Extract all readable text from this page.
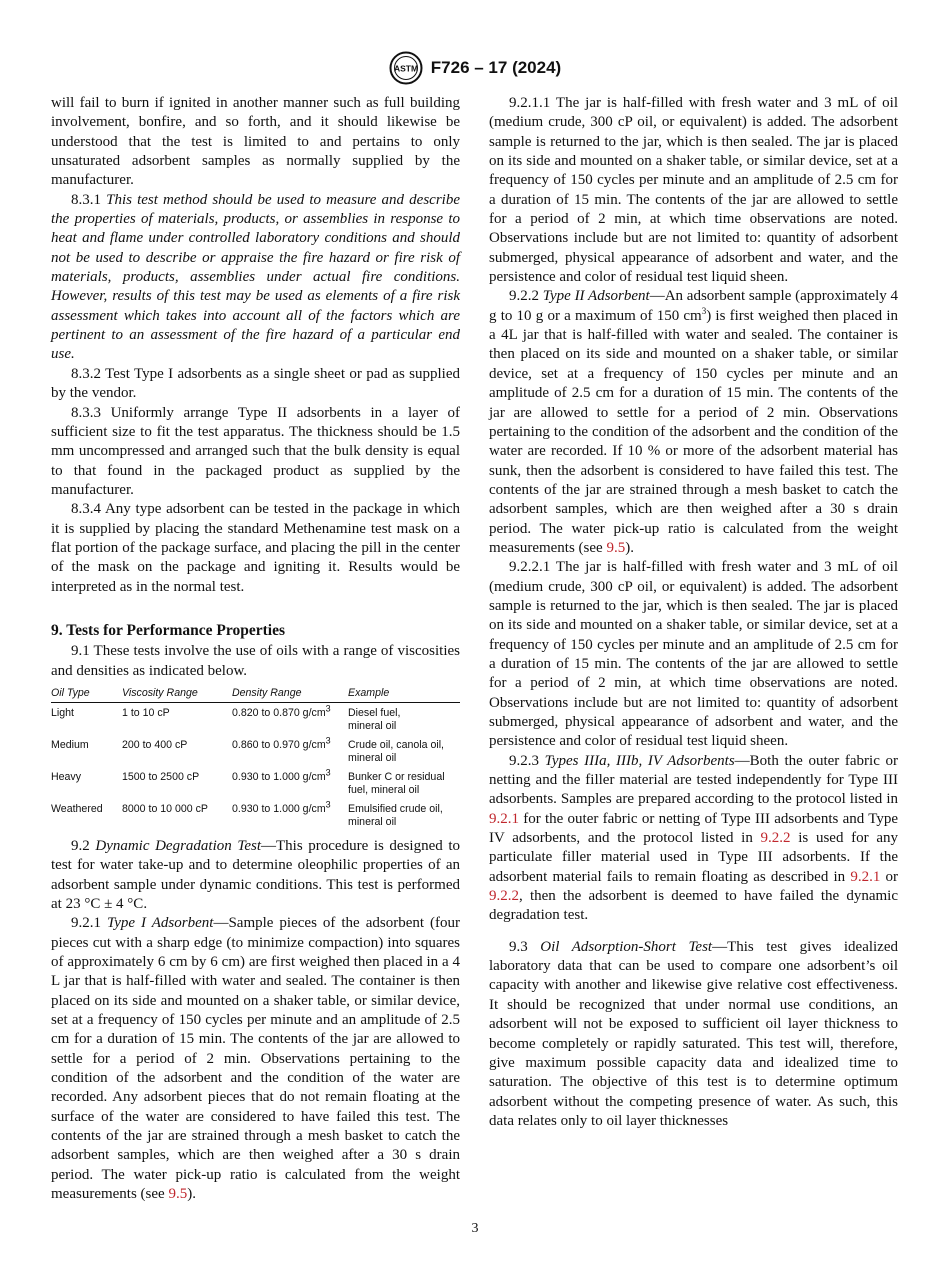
ASTM F726 – 17 (2024)

will fail to burn if ignited in another manner such as full building involvement, bonfire, and so forth, and it should likewise be understood that the test is limited to and pertains to only unsaturated adsorbent samples as normally supplied by the manufacturer.

8.3.1 This test method should be used to measure and describe the properties of materials, products, or assemblies in response to heat and flame under controlled laboratory conditions and should not be used to describe or appraise the fire hazard or fire risk of materials, products, assemblies under actual fire conditions. However, results of this test may be used as elements of a fire risk assessment which takes into account all of the factors which are pertinent to an assessment of the fire hazard of a particular end use.

8.3.2 Test Type I adsorbents as a single sheet or pad as supplied by the vendor.

8.3.3 Uniformly arrange Type II adsorbents in a layer of sufficient size to fit the test apparatus. The thickness should be 1.5 mm uncompressed and arranged such that the bulk density is equal to that found in the packaged product as supplied by the manufacturer.

8.3.4 Any type adsorbent can be tested in the package in which it is supplied by placing the standard Methenamine test mask on a flat portion of the package surface, and placing the pill in the center of the mask on the package and igniting it. Results would be interpreted as in the normal test.

9. Tests for Performance Properties

9.1 These tests involve the use of oils with a range of viscosities and densities as indicated below.

Oil Type	Viscosity Range	Density Range	Example
Light	1 to 10 cP	0.820 to 0.870 $g/cm^3$	Diesel fuel,
mineral oil
Medium	200 to 400 cP	0.860 to 0.970 $g/cm^3$	Crude oil, canola oil,
mineral oil
Heavy	1500 to 2500 cP	0.930 to 1.000 $g/cm^3$	Bunker C or residual
fuel, mineral oil
Weathered	8000 to 10 000 cP	0.930 to 1.000 $g/cm^3$	Emulsified crude oil,
mineral oil

9.2 Dynamic Degradation Test—This procedure is designed to test for water take-up and to determine oleophilic properties of an adsorbent sample under dynamic conditions. This test is performed at 23 °C ± 4 °C.

9.2.1 Type I Adsorbent—Sample pieces of the adsorbent (four pieces cut with a sharp edge (to minimize compaction) into squares of approximately 6 cm by 6 cm) are first weighed then placed in a 4 L jar that is half-filled with water and sealed. The container is then placed on its side and mounted on a shaker table, or similar device, set at a frequency of 150 cycles per minute and an amplitude of 2.5 cm for a duration of 15 min. The contents of the jar are allowed to settle for a period of 2 min. Observations pertaining to the condition of the adsorbent and the condition of the water are recorded. Any adsorbent pieces that do not remain floating at the surface of the water are considered to have failed this test. The contents of the jar are strained through a mesh basket to catch the adsorbent samples, which are then weighed after a 30 s drain period. The water pick-up ratio is calculated from the weight measurements (see 9.5).

9.2.1.1 The jar is half-filled with fresh water and 3 mL of oil (medium crude, 300 cP oil, or equivalent) is added. The adsorbent sample is returned to the jar, which is then sealed. The jar is placed on its side and mounted on a shaker table, or similar device, set at a frequency of 150 cycles per minute and an amplitude of 2.5 cm for a duration of 15 min. The contents of the jar are allowed to settle for a period of 2 min, at which time observations are noted. Observations include but are not limited to: quantity of adsorbent submerged, physical appearance of adsorbent and water, and the persistence and color of residual test liquid sheen.

9.2.2 Type II Adsorbent—An adsorbent sample (approximately 4 g to 10 g or a maximum of 150 $cm^3$) is first weighed then placed in a 4L jar that is half-filled with water and sealed. The container is then placed on its side and mounted on a shaker table, or similar device, set at a frequency of 150 cycles per minute and an amplitude of 2.5 cm for a duration of 15 min. The contents of the jar are allowed to settle for a period of 2 min. Observations pertaining to the condition of the adsorbent and the condition of the water are recorded. If 10 % or more of the adsorbent material has sunk, then the adsorbent is considered to have failed this test. The contents of the jar are strained through a mesh basket to catch the adsorbent samples, which are then weighed after a 30 s drain period. The water pick-up ratio is calculated from the weight measurements (see 9.5).

9.2.2.1 The jar is half-filled with fresh water and 3 mL of oil (medium crude, 300 cP oil, or equivalent) is added. The adsorbent sample is returned to the jar, which is then sealed. The jar is placed on its side and mounted on a shaker table, or similar device, set at a frequency of 150 cycles per minute and an amplitude of 2.5 cm for a duration of 15 min. The contents of the jar are allowed to settle for a period of 2 min, at which time observations are noted. Observations include but are not limited to: quantity of adsorbent submerged, physical appearance of adsorbent and water, and the persistence and color of residual test liquid sheen.

9.2.3 Types IIIa, IIIb, IV Adsorbents—Both the outer fabric or netting and the filler material are tested independently for Type III adsorbents. Samples are prepared according to the protocol listed in 9.2.1 for the outer fabric or netting of Type III adsorbents and Type IV adsorbents, and the protocol listed in 9.2.2 is used for any particulate filler material used in Type III adsorbents. If the adsorbent material fails to remain floating as described in 9.2.1 or 9.2.2, then the adsorbent is deemed to have failed the dynamic degradation test.

9.3 Oil Adsorption-Short Test—This test gives idealized laboratory data that can be used to compare one adsorbent’s oil capacity with another and likewise give relative cost effectiveness. It should be recognized that under normal use conditions, an adsorbent will not be exposed to sufficient oil layer thickness to become completely or rapidly saturated. This test will, therefore, give maximum possible capacity data and idealized time to saturation. The objective of this test is to determine optimum adsorbent without the competing presence of water. As such, this data relates only to oil layer thicknesses

3
